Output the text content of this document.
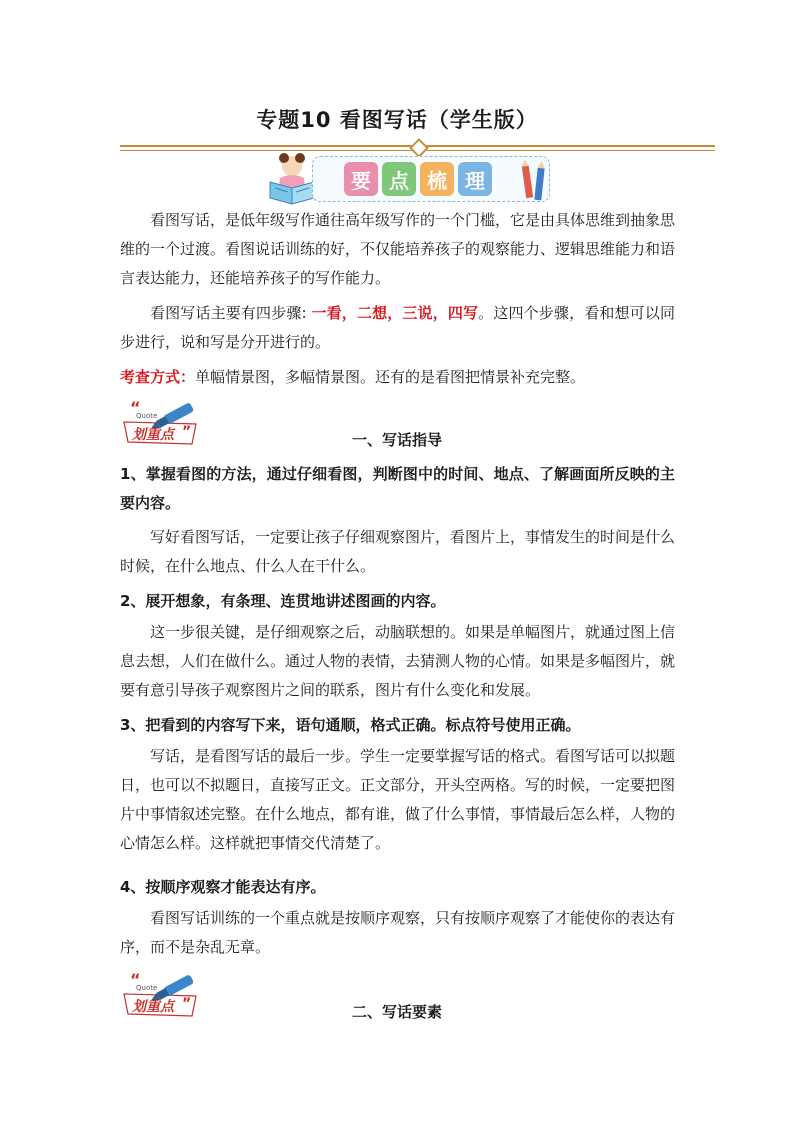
专题10 看图写话（学生版）
要 点 梳 理
看图写话，是低年级写作通往高年级写作的一个门槛，它是由具体思维到抽象思维的一个过渡。看图说话训练的好，不仅能培养孩子的观察能力、逻辑思维能力和语言表达能力，还能培养孩子的写作能力。
看图写话主要有四步骤: 一看，二想，三说，四写。这四个步骤，看和想可以同步进行，说和写是分开进行的。
考查方式：单幅情景图，多幅情景图。还有的是看图把情景补充完整。
“
Quote
划重点 ”	一、写话指导
1、掌握看图的方法，通过仔细看图，判断图中的时间、地点、了解画面所反映的主要内容。
写好看图写话，一定要让孩子仔细观察图片，看图片上，事情发生的时间是什么时候，在什么地点、什么人在干什么。
2、展开想象，有条理、连贯地讲述图画的内容。
这一步很关键，是仔细观察之后，动脑联想的。如果是单幅图片，就通过图上信息去想，人们在做什么。通过人物的表情，去猜测人物的心情。如果是多幅图片，就要有意引导孩子观察图片之间的联系，图片有什么变化和发展。
3、把看到的内容写下来，语句通顺，格式正确。标点符号使用正确。
写话，是看图写话的最后一步。学生一定要掌握写话的格式。看图写话可以拟题日，也可以不拟题日，直接写正文。正文部分，开头空两格。写的时候，一定要把图片中事情叙述完整。在什么地点，都有谁，做了什么事情，事情最后怎么样，人物的心情怎么样。这样就把事情交代清楚了。
4、按顺序观察才能表达有序。
看图写话训练的一个重点就是按顺序观察，只有按顺序观察了才能使你的表达有序，而不是杂乱无章。
“
Quote
划重点 ”	二、写话要素
